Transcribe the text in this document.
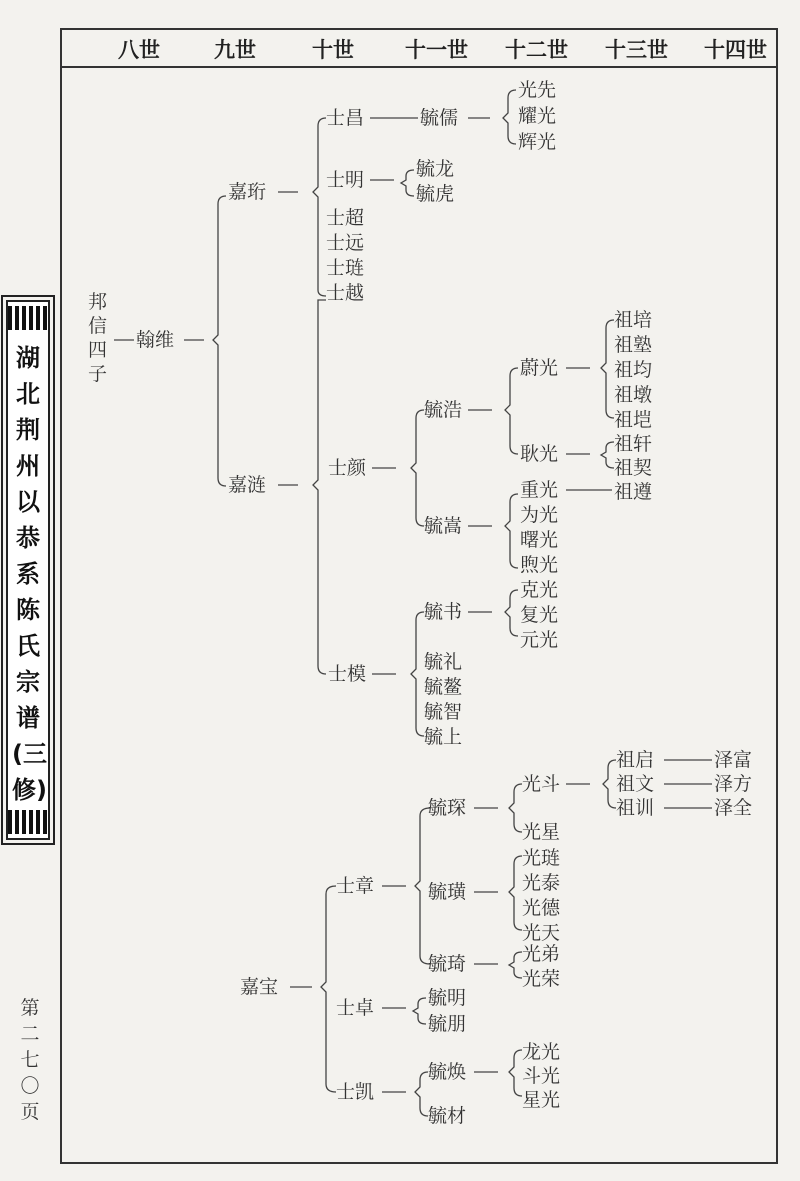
八世	九世	十世 十一世 十二世 十三世 十四世
湖
北
荆
州
以
恭
系
陈
氏
宗
谱
(三
修)
第
二
七
〇
页
邦
信
四
子
翰维
嘉珩
嘉涟
嘉宝
士昌
士明
士超
士远
士琏
士越
士颜
士模
士章
士卓
士凯
毓儒
毓龙
毓虎
毓浩
毓嵩
毓书
毓礼
毓鳌
毓智
毓上
毓琛
毓璜
毓琦
毓明
毓朋
毓焕
毓材
光先
耀光
辉光
蔚光
耿光
重光
为光
曙光
煦光
克光
复光
元光
光斗
光星
光琏
光泰
光德
光天
光弟
光荣
龙光
斗光
星光
祖培
祖塾
祖均
祖墩
祖垲
祖轩
祖契
祖遵
祖启
祖文
祖训
泽富
泽方
泽全
